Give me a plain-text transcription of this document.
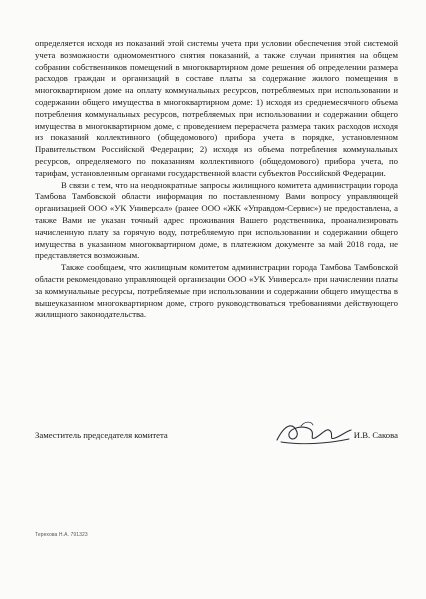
определяется исходя из показаний этой системы учета при условии обеспечения этой системой учета возможности одномоментного снятия показаний, а также случаи принятия на общем собрании собственников помещений в многоквартирном доме решения об определении размера расходов граждан и организаций в составе платы за содержание жилого помещения в многоквартирном доме на оплату коммунальных ресурсов, потребляемых при использовании и содержании общего имущества в многоквартирном доме: 1) исходя из среднемесячного объема потребления коммунальных ресурсов, потребляемых при использовании и содержании общего имущества в многоквартирном доме, с проведением перерасчета размера таких расходов исходя из показаний коллективного (общедомового) прибора учета в порядке, установленном Правительством Российской Федерации; 2) исходя из объема потребления коммунальных ресурсов, определяемого по показаниям коллективного (общедомового) прибора учета, по тарифам, установленным органами государственной власти субъектов Российской Федерации.

В связи с тем, что на неоднократные запросы жилищного комитета администрации города Тамбова Тамбовской области информация по поставленному Вами вопросу управляющей организацией ООО «УК Универсал» (ранее ООО «ЖК «Управдом-Сервис») не предоставлена, а также Вами не указан точный адрес проживания Вашего родственника, проанализировать начисленную плату за горячую воду, потребляемую при использовании и содержании общего имущества в указанном многоквартирном доме, в платежном документе за май 2018 года, не представляется возможным.

Также сообщаем, что жилищным комитетом администрации города Тамбова Тамбовской области рекомендовано управляющей организации ООО «УК Универсал» при начислении платы за коммунальные ресурсы, потребляемые при использовании и содержании общего имущества в вышеуказанном многоквартирном доме, строго руководствоваться требованиями действующего жилищного законодательства.

Заместитель председателя комитета	И.В. Сакова
Терехова Н.А. 791323
